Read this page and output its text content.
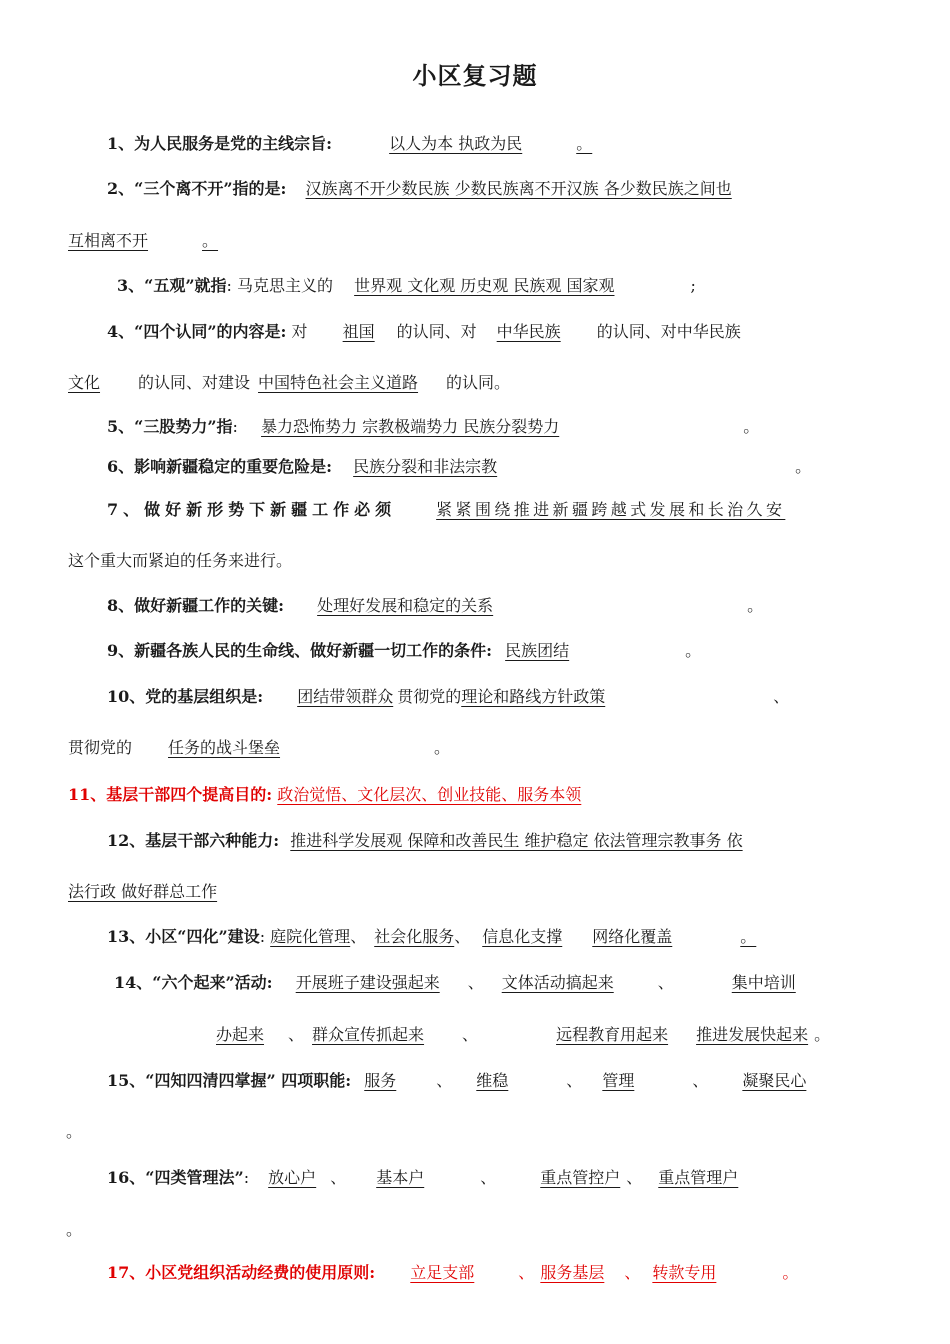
小区复习题
1、为人民服务是党的主线宗旨:	以人为本 执政为民	。
2、“三个离不开”指的是: 汉族离不开少数民族 少数民族离不开汉族 各少数民族之间也
互相离不开	。
3、“五观”就指: 马克思主义的 世界观 文化观 历史观 民族观 国家观	;
4、“四个认同”的内容是: 对 祖国 的认同、对 中华民族 的认同、对中华民族
文化 的认同、对建设 中国特色社会主义道路 的认同。
5、“三股势力”指: 暴力恐怖势力 宗教极端势力 民族分裂势力	。
6、影响新疆稳定的重要危险是: 民族分裂和非法宗教	。
7、做好新形势下新疆工作必须	紧紧围绕推进新疆跨越式发展和长治久安
这个重大而紧迫的任务来进行。
8、做好新疆工作的关键: 处理好发展和稳定的关系	。
9、新疆各族人民的生命线、做好新疆一切工作的条件: 民族团结	。
10、党的基层组织是: 团结带领群众 贯彻党的理论和路线方针政策	、
贯彻党的 任务的战斗堡垒	。
11、基层干部四个提高目的: 政治觉悟、文化层次、创业技能、服务本领
12、基层干部六种能力: 推进科学发展观 保障和改善民生 维护稳定 依法管理宗教事务 依
法行政 做好群总工作
13、小区“四化”建设: 庭院化管理、 社会化服务、 信息化支撑 网络化覆盖	。
14、“六个起来”活动: 开展班子建设强起来 、 文体活动搞起来	、	集中培训
办起来 、 群众宣传抓起来 、	远程教育用起来 推进发展快起来 。
15、“四知四清四掌握” 四项职能: 服务	、 维稳	、 管理	、 凝聚民心
。
16、“四类管理法”: 放心户 、 基本户	、	重点管控户 、 重点管理户
。
17、小区党组织活动经费的使用原则: 立足支部	、 服务基层 、 转款专用	。
